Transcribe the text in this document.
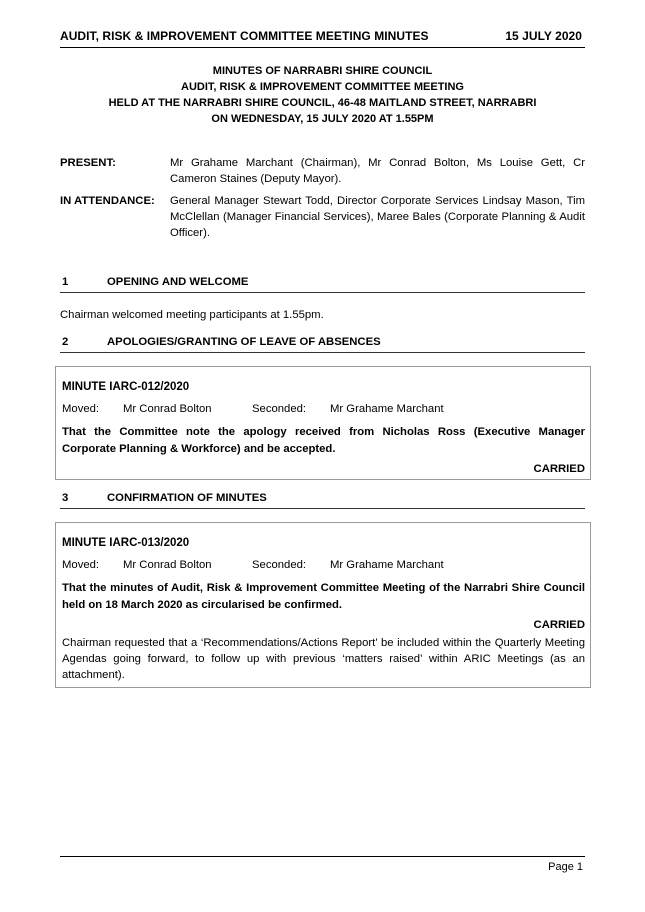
AUDIT, RISK & IMPROVEMENT COMMITTEE MEETING MINUTES	15 JULY 2020
MINUTES OF NARRABRI SHIRE COUNCIL
AUDIT, RISK & IMPROVEMENT COMMITTEE MEETING
HELD AT THE NARRABRI SHIRE COUNCIL, 46-48 MAITLAND STREET, NARRABRI
ON WEDNESDAY, 15 JULY 2020 AT 1.55PM
PRESENT:	Mr Grahame Marchant (Chairman), Mr Conrad Bolton, Ms Louise Gett, Cr Cameron Staines (Deputy Mayor).
IN ATTENDANCE: General Manager Stewart Todd, Director Corporate Services Lindsay Mason, Tim McClellan (Manager Financial Services), Maree Bales (Corporate Planning & Audit Officer).
1	OPENING AND WELCOME
Chairman welcomed meeting participants at 1.55pm.
2	APOLOGIES/GRANTING OF LEAVE OF ABSENCES
MINUTE IARC-012/2020
Moved: Mr Conrad Bolton	Seconded: Mr Grahame Marchant
That the Committee note the apology received from Nicholas Ross (Executive Manager Corporate Planning & Workforce) and be accepted.
CARRIED
3	CONFIRMATION OF MINUTES
MINUTE IARC-013/2020
Moved: Mr Conrad Bolton	Seconded: Mr Grahame Marchant
That the minutes of Audit, Risk & Improvement Committee Meeting of the Narrabri Shire Council held on 18 March 2020 as circularised be confirmed.
CARRIED
Chairman requested that a ‘Recommendations/Actions Report’ be included within the Quarterly Meeting Agendas going forward, to follow up with previous ‘matters raised’ within ARIC Meetings (as an attachment).
Page 1
